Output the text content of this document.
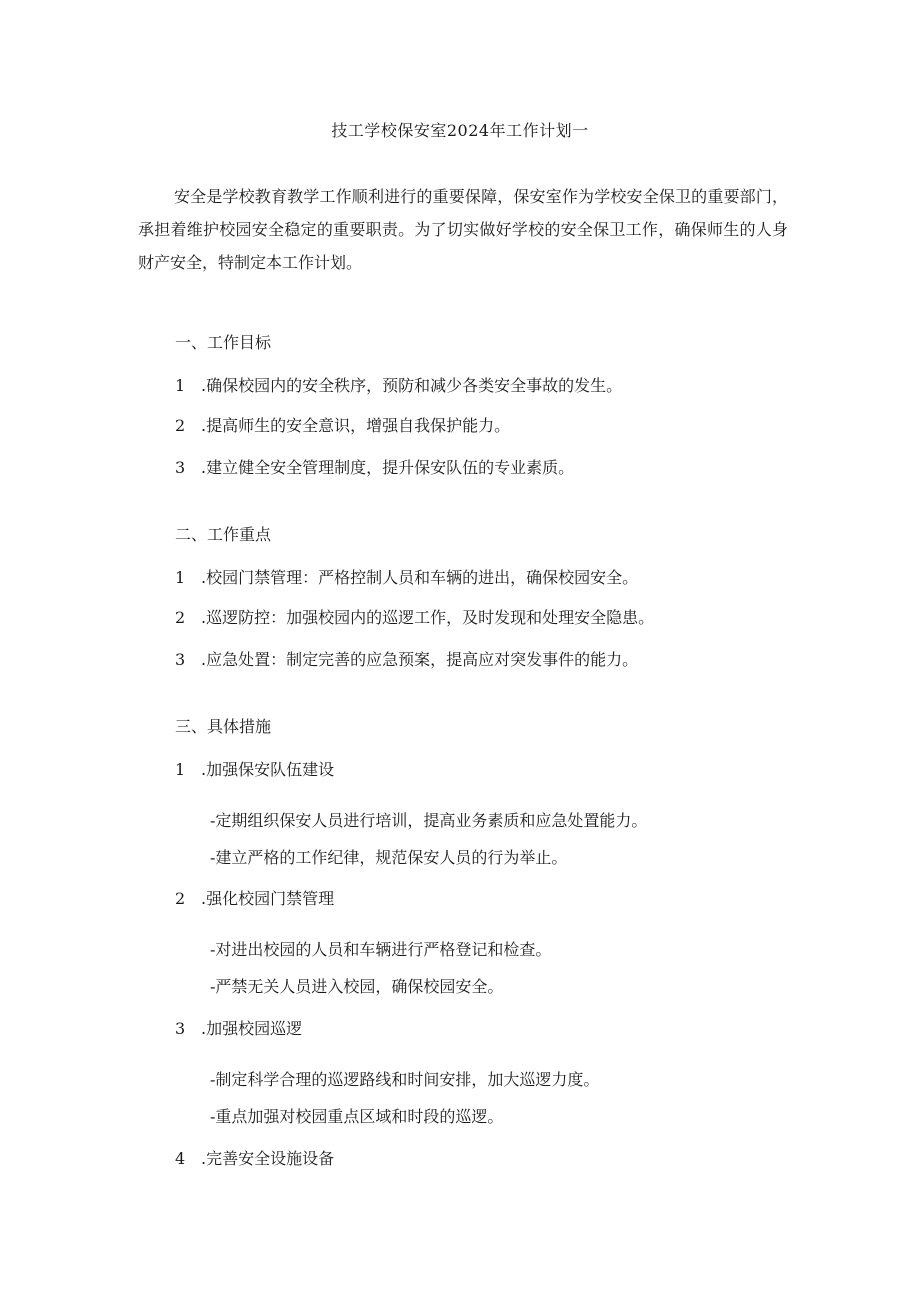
技工学校保安室2024年工作计划一
安全是学校教育教学工作顺利进行的重要保障，保安室作为学校安全保卫的重要部门，承担着维护校园安全稳定的重要职责。为了切实做好学校的安全保卫工作，确保师生的人身财产安全，特制定本工作计划。
一、工作目标
1 .确保校园内的安全秩序，预防和减少各类安全事故的发生。
2 .提高师生的安全意识，增强自我保护能力。
3 .建立健全安全管理制度，提升保安队伍的专业素质。
二、工作重点
1 .校园门禁管理：严格控制人员和车辆的进出，确保校园安全。
2 .巡逻防控：加强校园内的巡逻工作，及时发现和处理安全隐患。
3 .应急处置：制定完善的应急预案，提高应对突发事件的能力。
三、具体措施
1 .加强保安队伍建设
-定期组织保安人员进行培训，提高业务素质和应急处置能力。
-建立严格的工作纪律，规范保安人员的行为举止。
2 .强化校园门禁管理
-对进出校园的人员和车辆进行严格登记和检查。
-严禁无关人员进入校园，确保校园安全。
3 .加强校园巡逻
-制定科学合理的巡逻路线和时间安排，加大巡逻力度。
-重点加强对校园重点区域和时段的巡逻。
4 .完善安全设施设备
